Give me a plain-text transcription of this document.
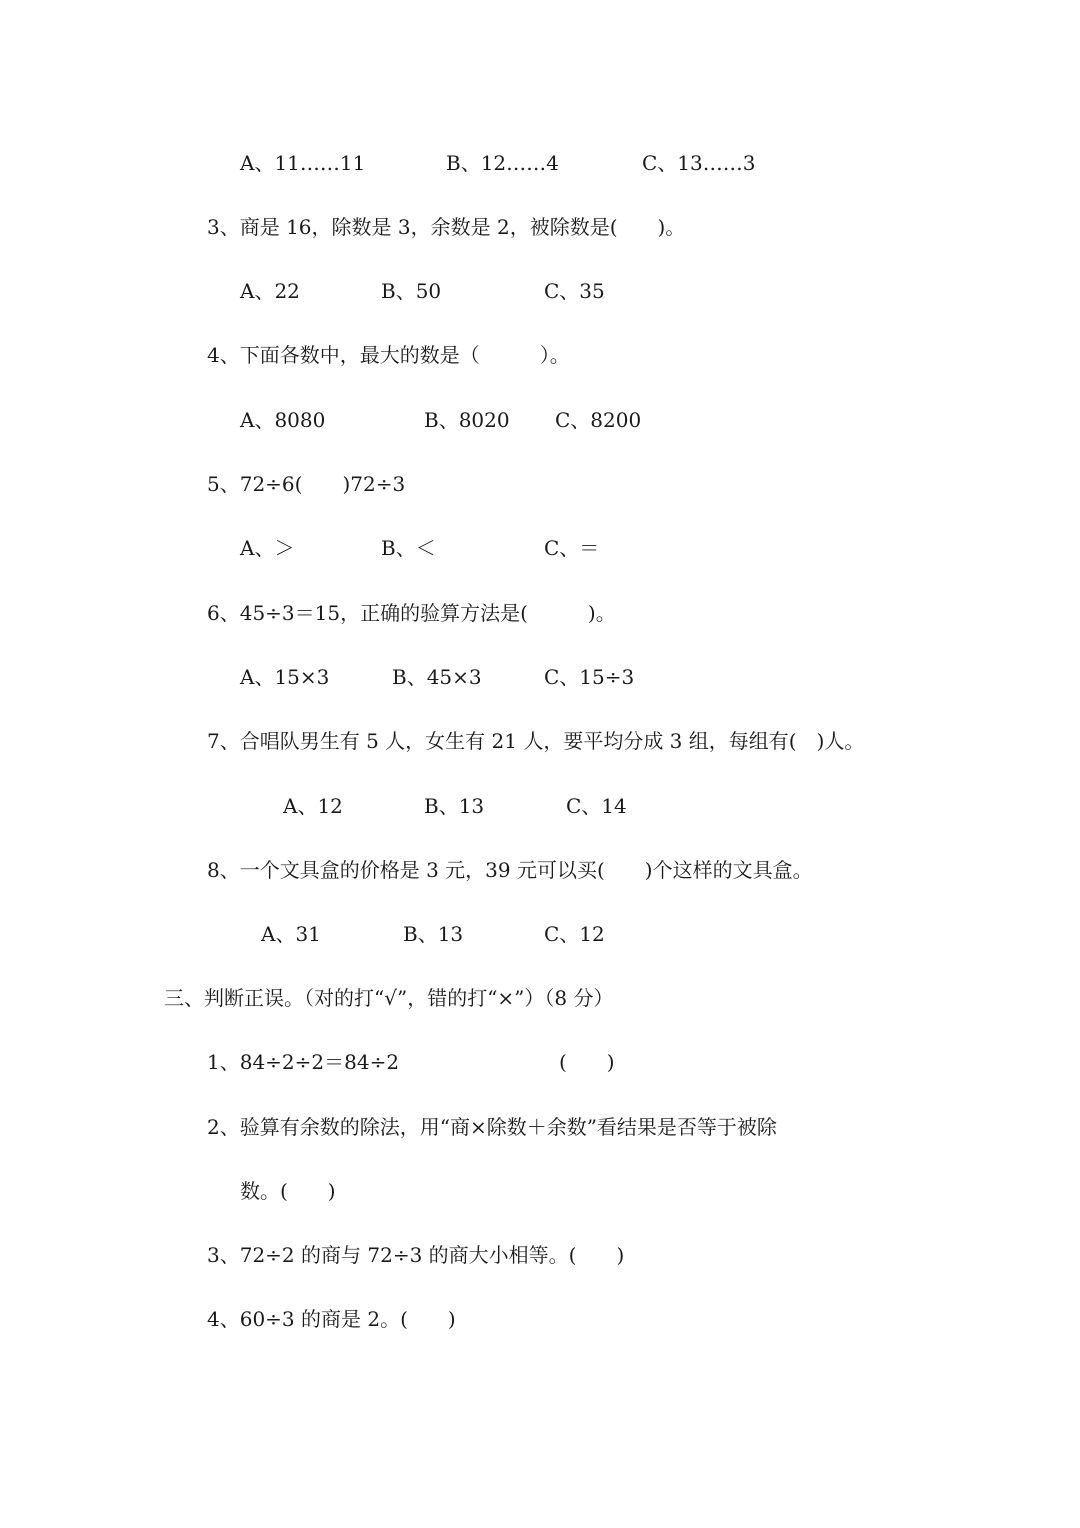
A、11……11	B、12……4	C、13……3
3、商是 16，除数是 3，余数是 2，被除数是(　　)。
A、22	B、50	C、35
4、下面各数中，最大的数是（　　　）。
A、8080	B、8020 C、8200
5、72÷6(　　)72÷3
A、＞	B、＜	C、＝
6、45÷3＝15，正确的验算方法是(　　　)。
A、15×3	B、45×3	C、15÷3
7、合唱队男生有 5 人，女生有 21 人，要平均分成 3 组，每组有(　)人。
A、12	B、13	C、14
8、一个文具盒的价格是 3 元，39 元可以买(　　)个这样的文具盒。
A、31	B、13	C、12
三、判断正误。（对的打“√”，错的打“×”）（8 分）
1、84÷2÷2＝84÷2	(　　)
2、验算有余数的除法，用“商×除数＋余数”看结果是否等于被除
数。(　　)
3、72÷2 的商与 72÷3 的商大小相等。(　　)
4、60÷3 的商是 2。(　　)
